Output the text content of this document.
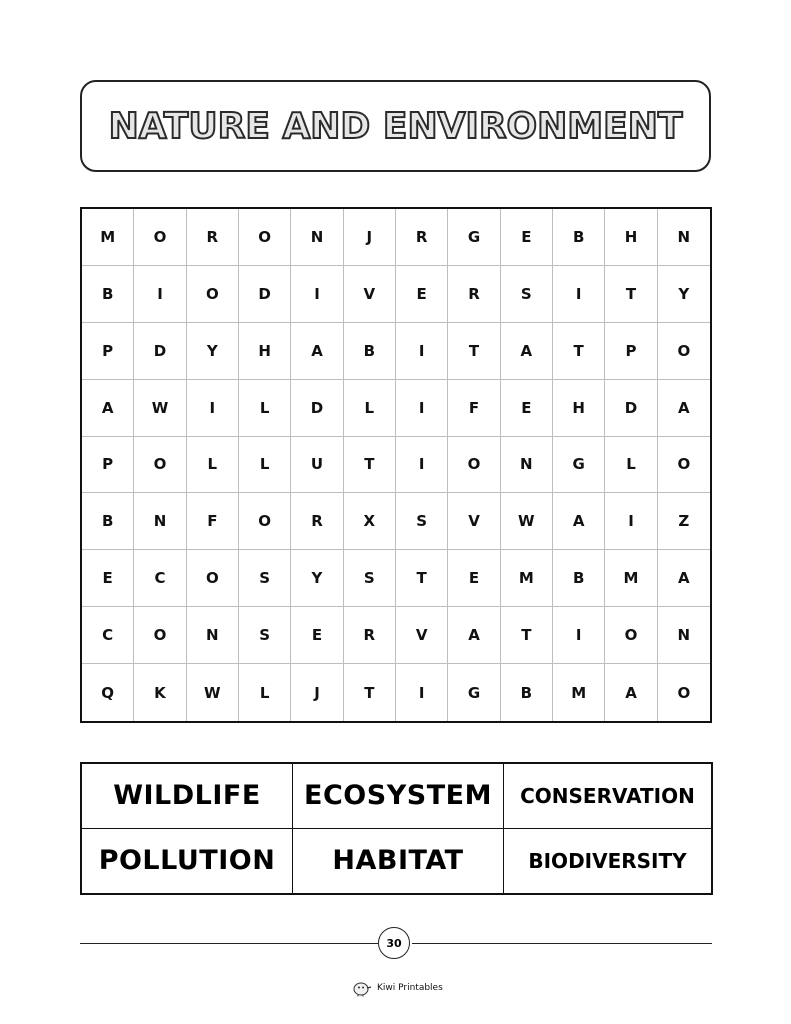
NATURE AND ENVIRONMENT
M	O	R	O	N	J	R	G	E	B	H	N
B	I	O	D	I	V	E	R	S	I	T	Y
P	D	Y	H	A	B	I	T	A	T	P	O
A	W	I	L	D	L	I	F	E	H	D	A
P	O	L	L	U	T	I	O	N	G	L	O
B	N	F	O	R	X	S	V	W	A	I	Z
E	C	O	S	Y	S	T	E	M	B	M	A
C	O	N	S	E	R	V	A	T	I	O	N
Q	K	W	L	J	T	I	G	B	M	A	O
WILDLIFE	ECOSYSTEM	CONSERVATION
POLLUTION	HABITAT	BIODIVERSITY
30
Kiwi Printables
